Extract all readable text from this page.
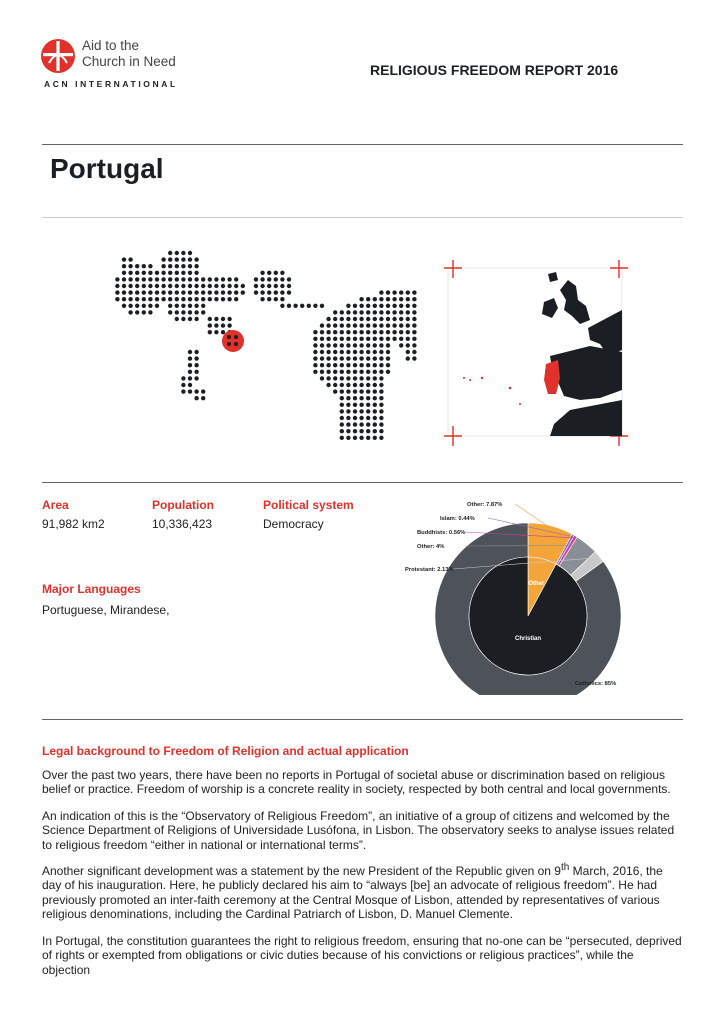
Aid to the
Church in Need
ACN INTERNATIONAL
RELIGIOUS FREEDOM REPORT 2016
Portugal
Area
91,982 km2
Population
10,336,423
Political system
Democracy
Major Languages
Portuguese, Mirandese,
Other
Christian
Catholics: 85%
Protestant: 2.13%
Other: 4%
Buddhists: 0.56%
Islam: 0.44%
Other: 7.87%
Legal background to Freedom of Religion and actual application
Over the past two years, there have been no reports in Portugal of societal abuse or discrimination based on religious belief or practice. Freedom of worship is a concrete reality in society, respected by both central and local governments.
An indication of this is the “Observatory of Religious Freedom”, an initiative of a group of citizens and welcomed by the Science Department of Religions of Universidade Lusófona, in Lisbon. The observatory seeks to analyse issues related to religious freedom “either in national or international terms”.
Another significant development was a statement by the new President of the Republic given on 9th March, 2016, the day of his inauguration. Here, he publicly declared his aim to “always [be] an advocate of religious freedom”. He had previously promoted an inter-faith ceremony at the Central Mosque of Lisbon, attended by representatives of various religious denominations, including the Cardinal Patriarch of Lisbon, D. Manuel Clemente.
In Portugal, the constitution guarantees the right to religious freedom, ensuring that no-one can be “persecuted, deprived of rights or exempted from obligations or civic duties because of his convictions or religious practices”, while the objection
